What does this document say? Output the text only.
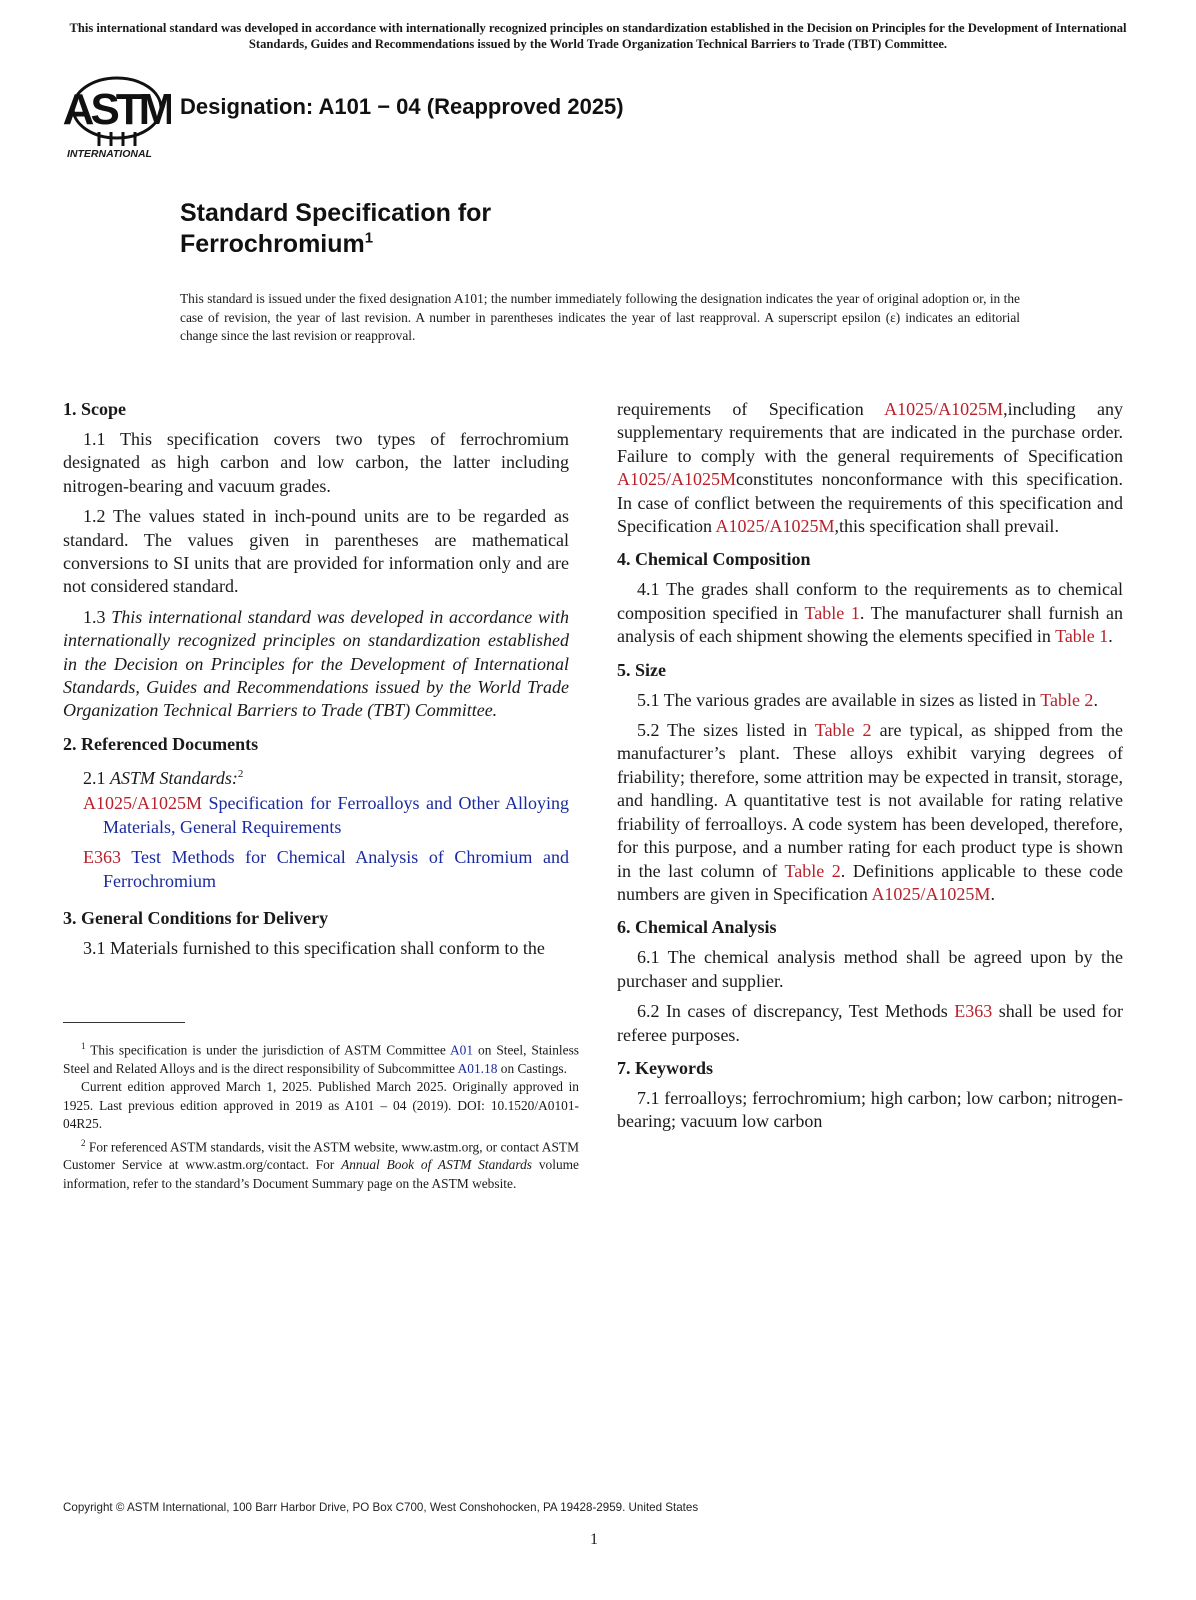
This international standard was developed in accordance with internationally recognized principles on standardization established in the Decision on Principles for the Development of International Standards, Guides and Recommendations issued by the World Trade Organization Technical Barriers to Trade (TBT) Committee.
ASTM
INTERNATIONAL
Designation: A101 − 04 (Reapproved 2025)
Standard Specification for
Ferrochromium$^1$
This standard is issued under the fixed designation A101; the number immediately following the designation indicates the year of original adoption or, in the case of revision, the year of last revision. A number in parentheses indicates the year of last reapproval. A superscript epsilon (ε) indicates an editorial change since the last revision or reapproval.
1. Scope

1.1 This specification covers two types of ferrochromium designated as high carbon and low carbon, the latter including nitrogen-bearing and vacuum grades.

1.2 The values stated in inch-pound units are to be regarded as standard. The values given in parentheses are mathematical conversions to SI units that are provided for information only and are not considered standard.

1.3 This international standard was developed in accordance with internationally recognized principles on standardization established in the Decision on Principles for the Development of International Standards, Guides and Recommendations issued by the World Trade Organization Technical Barriers to Trade (TBT) Committee.

2. Referenced Documents

2.1 ASTM Standards:$^2$

A1025/A1025M Specification for Ferroalloys and Other Alloying Materials, General Requirements

E363 Test Methods for Chemical Analysis of Chromium and Ferrochromium

3. General Conditions for Delivery

3.1 Materials furnished to this specification shall conform to the

requirements of Specification A1025/A1025M,including any supplementary requirements that are indicated in the purchase order. Failure to comply with the general requirements of Specification A1025/A1025Mconstitutes nonconformance with this specification. In case of conflict between the requirements of this specification and Specification A1025/A1025M,this specification shall prevail.

4. Chemical Composition

4.1 The grades shall conform to the requirements as to chemical composition specified in Table 1. The manufacturer shall furnish an analysis of each shipment showing the elements specified in Table 1.

5. Size

5.1 The various grades are available in sizes as listed in Table 2.

5.2 The sizes listed in Table 2 are typical, as shipped from the manufacturer’s plant. These alloys exhibit varying degrees of friability; therefore, some attrition may be expected in transit, storage, and handling. A quantitative test is not available for rating relative friability of ferroalloys. A code system has been developed, therefore, for this purpose, and a number rating for each product type is shown in the last column of Table 2. Definitions applicable to these code numbers are given in Specification A1025/A1025M.

6. Chemical Analysis

6.1 The chemical analysis method shall be agreed upon by the purchaser and supplier.

6.2 In cases of discrepancy, Test Methods E363 shall be used for referee purposes.

7. Keywords

7.1 ferroalloys; ferrochromium; high carbon; low carbon; nitrogen-bearing; vacuum low carbon

$^1$ This specification is under the jurisdiction of ASTM Committee A01 on Steel, Stainless Steel and Related Alloys and is the direct responsibility of Subcommittee A01.18 on Castings.

Current edition approved March 1, 2025. Published March 2025. Originally approved in 1925. Last previous edition approved in 2019 as A101 – 04 (2019). DOI: 10.1520/A0101-04R25.

$^2$ For referenced ASTM standards, visit the ASTM website, www.astm.org, or contact ASTM Customer Service at www.astm.org/contact. For Annual Book of ASTM Standards volume information, refer to the standard’s Document Summary page on the ASTM website.

Copyright © ASTM International, 100 Barr Harbor Drive, PO Box C700, West Conshohocken, PA 19428-2959. United States
1
